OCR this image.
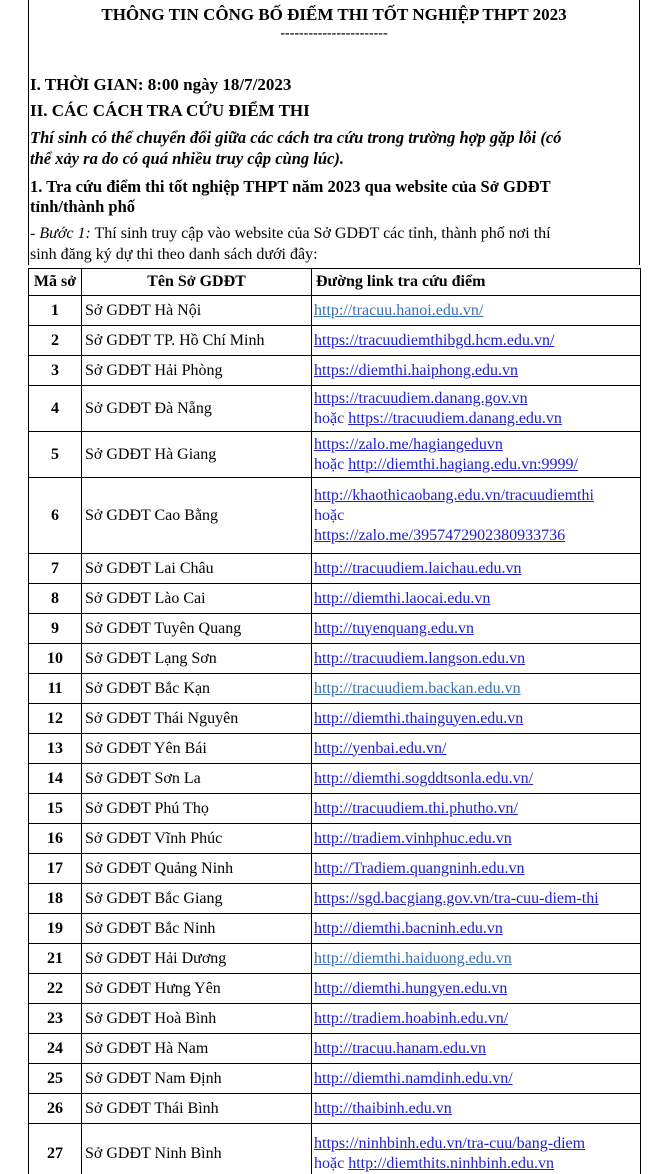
THÔNG TIN CÔNG BỐ ĐIỂM THI TỐT NGHIỆP THPT 2023
-----------------------
I. THỜI GIAN: 8:00 ngày 18/7/2023
II. CÁC CÁCH TRA CỨU ĐIỂM THI
Thí sinh có thể chuyển đổi giữa các cách tra cứu trong trường hợp gặp lỗi (có
thể xảy ra do có quá nhiều truy cập cùng lúc).
1. Tra cứu điểm thi tốt nghiệp THPT năm 2023 qua website của Sở GDĐT
tỉnh/thành phố
- Bước 1: Thí sinh truy cập vào website của Sở GDĐT các tỉnh, thành phố nơi thí
sinh đăng ký dự thi theo danh sách dưới đây:
Mã sở	Tên Sở GDĐT	Đường link tra cứu điểm
1	Sở GDĐT Hà Nội	http://tracuu.hanoi.edu.vn/

2	Sở GDĐT TP. Hồ Chí Minh	https://tracuudiemthibgd.hcm.edu.vn/

3	Sở GDĐT Hải Phòng	https://diemthi.haiphong.edu.vn

4	Sở GDĐT Đà Nẵng	https://tracuudiem.danang.gov.vn
hoặc https://tracuudiem.danang.edu.vn

5	Sở GDĐT Hà Giang	https://zalo.me/hagiangeduvn
hoặc http://diemthi.hagiang.edu.vn:9999/

6	Sở GDĐT Cao Bằng	http://khaothicaobang.edu.vn/tracuudiemthi
hoặc
https://zalo.me/3957472902380933736

7	Sở GDĐT Lai Châu	http://tracuudiem.laichau.edu.vn

8	Sở GDĐT Lào Cai	http://diemthi.laocai.edu.vn

9	Sở GDĐT Tuyên Quang	http://tuyenquang.edu.vn

10	Sở GDĐT Lạng Sơn	http://tracuudiem.langson.edu.vn

11	Sở GDĐT Bắc Kạn	http://tracuudiem.backan.edu.vn

12	Sở GDĐT Thái Nguyên	http://diemthi.thainguyen.edu.vn

13	Sở GDĐT Yên Bái	http://yenbai.edu.vn/

14	Sở GDĐT Sơn La	http://diemthi.sogddtsonla.edu.vn/

15	Sở GDĐT Phú Thọ	http://tracuudiem.thi.phutho.vn/

16	Sở GDĐT Vĩnh Phúc	http://tradiem.vinhphuc.edu.vn

17	Sở GDĐT Quảng Ninh	http://Tradiem.quangninh.edu.vn

18	Sở GDĐT Bắc Giang	https://sgd.bacgiang.gov.vn/tra-cuu-diem-thi

19	Sở GDĐT Bắc Ninh	http://diemthi.bacninh.edu.vn

21	Sở GDĐT Hải Dương	http://diemthi.haiduong.edu.vn

22	Sở GDĐT Hưng Yên	http://diemthi.hungyen.edu.vn

23	Sở GDĐT Hoà Bình	http://tradiem.hoabinh.edu.vn/

24	Sở GDĐT Hà Nam	http://tracuu.hanam.edu.vn

25	Sở GDĐT Nam Định	http://diemthi.namdinh.edu.vn/

26	Sở GDĐT Thái Bình	http://thaibinh.edu.vn

27	Sở GDĐT Ninh Bình	https://ninhbinh.edu.vn/tra-cuu/bang-diem
hoặc http://diemthits.ninhbinh.edu.vn
